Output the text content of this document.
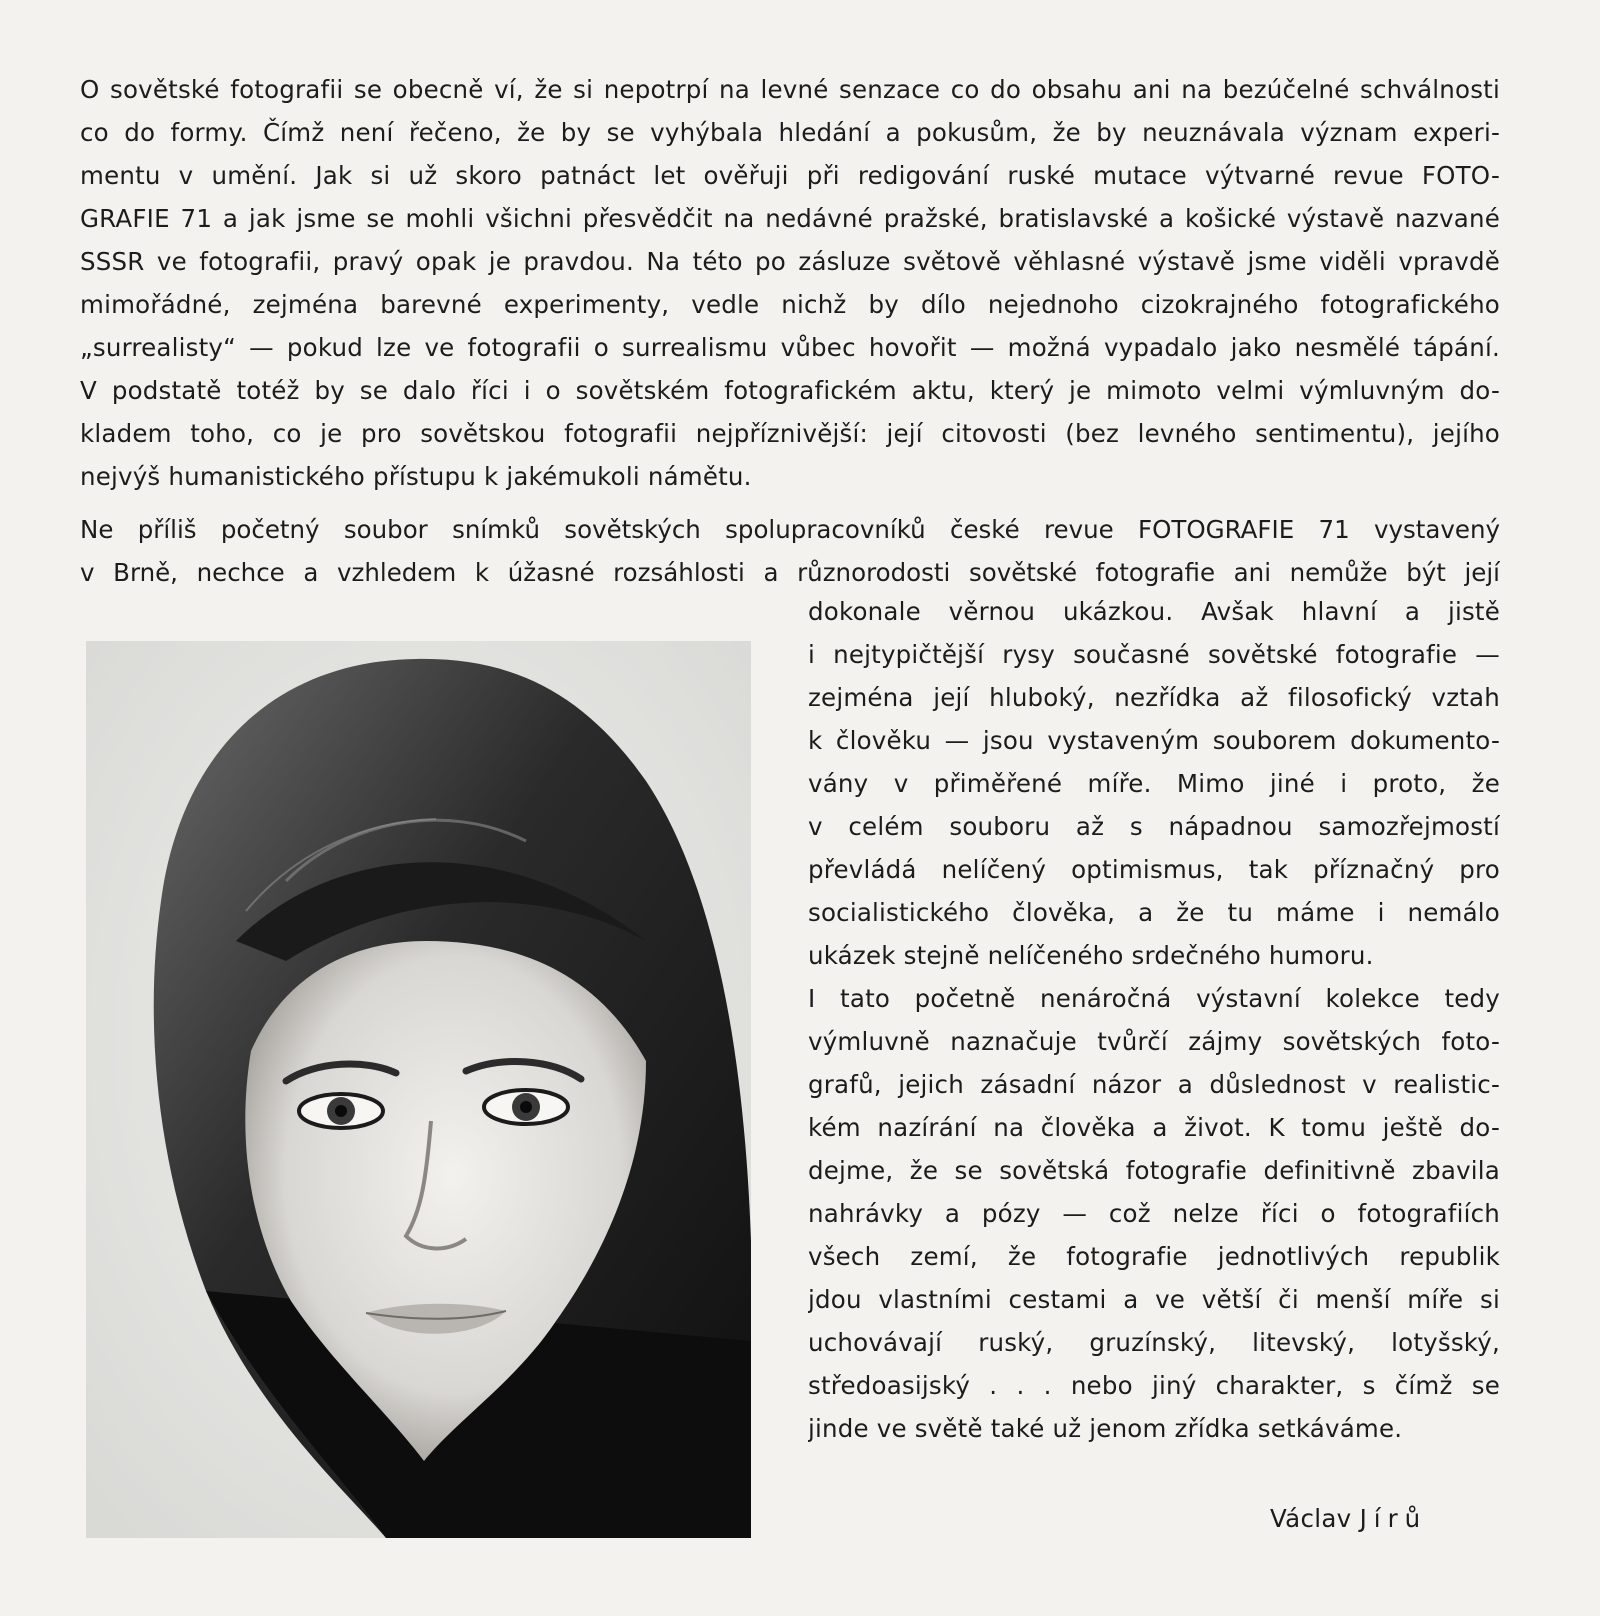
O sovětské fotografii se obecně ví, že si nepotrpí na levné senzace co do obsahu ani na bezúčelné schválnosti
co do formy. Čímž není řečeno, že by se vyhýbala hledání a pokusům, že by neuznávala význam experi-
mentu v umění. Jak si už skoro patnáct let ověřuji při redigování ruské mutace výtvarné revue FOTO-
GRAFIE 71 a jak jsme se mohli všichni přesvědčit na nedávné pražské, bratislavské a košické výstavě nazvané
SSSR ve fotografii, pravý opak je pravdou. Na této po zásluze světově věhlasné výstavě jsme viděli vpravdě
mimořádné, zejména barevné experimenty, vedle nichž by dílo nejednoho cizokrajného fotografického
„surrealisty“ — pokud lze ve fotografii o surrealismu vůbec hovořit — možná vypadalo jako nesmělé tápání.
V podstatě totéž by se dalo říci i o sovětském fotografickém aktu, který je mimoto velmi výmluvným do-
kladem toho, co je pro sovětskou fotografii nejpříznivější: její citovosti (bez levného sentimentu), jejího
nejvýš humanistického přístupu k jakémukoli námětu.
Ne příliš početný soubor snímků sovětských spolupracovníků české revue FOTOGRAFIE 71 vystavený
v Brně, nechce a vzhledem k úžasné rozsáhlosti a různorodosti sovětské fotografie ani nemůže být její
dokonale věrnou ukázkou. Avšak hlavní a jistě
i nejtypičtější rysy současné sovětské fotografie —
zejména její hluboký, nezřídka až filosofický vztah
k člověku — jsou vystaveným souborem dokumento-
vány v přiměřené míře. Mimo jiné i proto, že
v celém souboru až s nápadnou samozřejmostí
převládá nelíčený optimismus, tak příznačný pro
socialistického člověka, a že tu máme i nemálo
ukázek stejně nelíčeného srdečného humoru.
I tato početně nenáročná výstavní kolekce tedy
výmluvně naznačuje tvůrčí zájmy sovětských foto-
grafů, jejich zásadní názor a důslednost v realistic-
kém nazírání na člověka a život. K tomu ještě do-
dejme, že se sovětská fotografie definitivně zbavila
nahrávky a pózy — což nelze říci o fotografiích
všech zemí, že fotografie jednotlivých republik
jdou vlastními cestami a ve větší či menší míře si
uchovávají ruský, gruzínský, litevský, lotyšský,
středoasijský . . . nebo jiný charakter, s čímž se
jinde ve světě také už jenom zřídka setkáváme.
Václav Jírů
